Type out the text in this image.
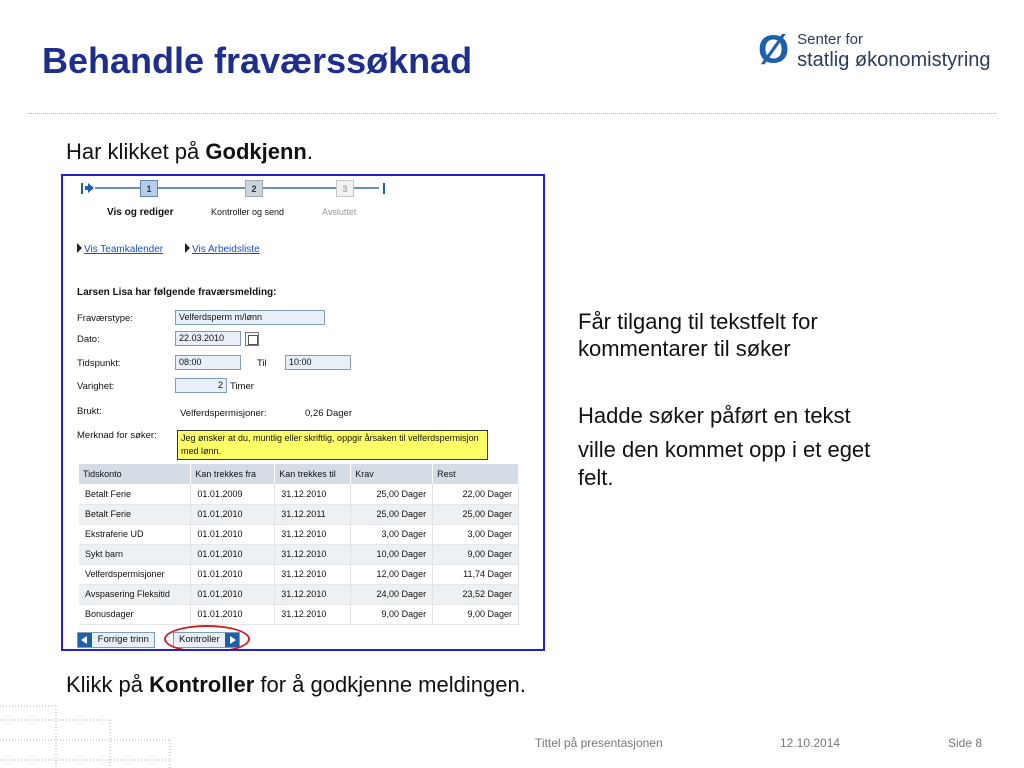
Behandle fraværssøknad	Ø Senter for
statlig økonomistyring
Har klikket på Godkjenn.
1	2	3
Vis og rediger	Kontroller og send	Avsluttet
Vis Teamkalender	Vis Arbeidsliste
Larsen Lisa har følgende fraværsmelding:
Fraværstype:	Velferdsperm m/lønn
Dato:	22.03.2010
Tidspunkt:	08:00	Til	10:00
Varighet:	2 Timer
Brukt:	Velferdspermisjoner:	0,26 Dager
Merknad for søker:	Jeg ønsker at du, muntlig eller skriftlig, oppgir årsaken til velferdspermisjon med lønn.
Tidskonto	Kan trekkes fra	Kan trekkes til	Krav	Rest
Betalt Ferie	01.01.2009	31.12.2010	25,00 Dager	22,00 Dager
Betalt Ferie	01.01.2010	31.12.2011	25,00 Dager	25,00 Dager
Ekstraferie UD	01.01.2010	31.12.2010	3,00 Dager	3,00 Dager
Sykt barn	01.01.2010	31.12.2010	10,00 Dager	9,00 Dager
Velferdspermisjoner	01.01.2010	31.12.2010	12,00 Dager	11,74 Dager
Avspasering Fleksitid	01.01.2010	31.12.2010	24,00 Dager	23,52 Dager
Bonusdager	01.01.2010	31.12.2010	9,00 Dager	9,00 Dager
Forrige trinn	Kontroller
Får tilgang til tekstfelt for
kommentarer til søker
Hadde søker påført en tekst
ville den kommet opp i et eget
felt.
Klikk på Kontroller for å godkjenne meldingen.
Tittel på presentasjonen	12.10.2014	Side 8
